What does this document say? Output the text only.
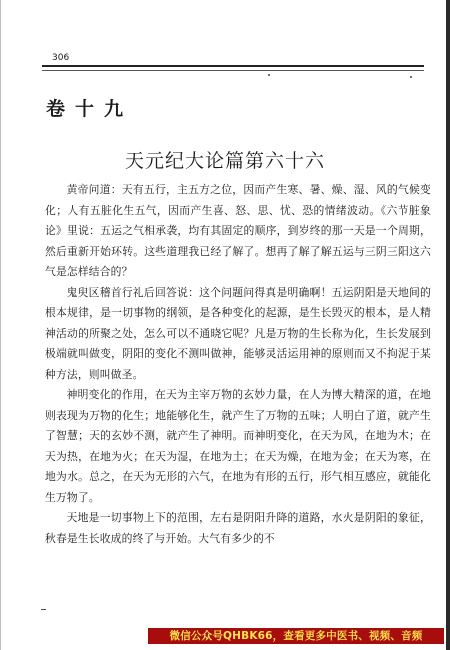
306
卷十九
天元纪大论篇第六十六

黄帝问道：天有五行，主五方之位，因而产生寒、暑、燥、湿、风的气候变化；人有五脏化生五气，因而产生喜、怒、思、忧、恐的情绪波动。《六节脏象论》里说：五运之气相承袭，均有其固定的顺序，到岁终的那一天是一个周期，然后重新开始环转。这些道理我已经了解了。想再了解了解五运与三阴三阳这六气是怎样结合的？

鬼臾区稽首行礼后回答说：这个问题问得真是明确啊！五运阴阳是天地间的根本规律，是一切事物的纲领，是各种变化的起源，是生长毁灭的根本，是人精神活动的所聚之处，怎么可以不通晓它呢？凡是万物的生长称为化，生长发展到极端就叫做变，阴阳的变化不测叫做神，能够灵活运用神的原则而又不拘泥于某种方法，则叫做圣。

神明变化的作用，在天为主宰万物的玄妙力量，在人为博大精深的道，在地则表现为万物的化生；地能够化生，就产生了万物的五味；人明白了道，就产生了智慧；天的玄妙不测，就产生了神明。而神明变化，在天为风，在地为木；在天为热，在地为火；在天为湿，在地为土；在天为燥，在地为金；在天为寒，在地为水。总之，在天为无形的六气，在地为有形的五行，形气相互感应，就能化生万物了。

天地是一切事物上下的范围，左右是阴阳升降的道路，水火是阴阳的象征，秋春是生长收成的终了与开始。大气有多少的不

微信公众号QHBK66，查看更多中医书、视频、音频
